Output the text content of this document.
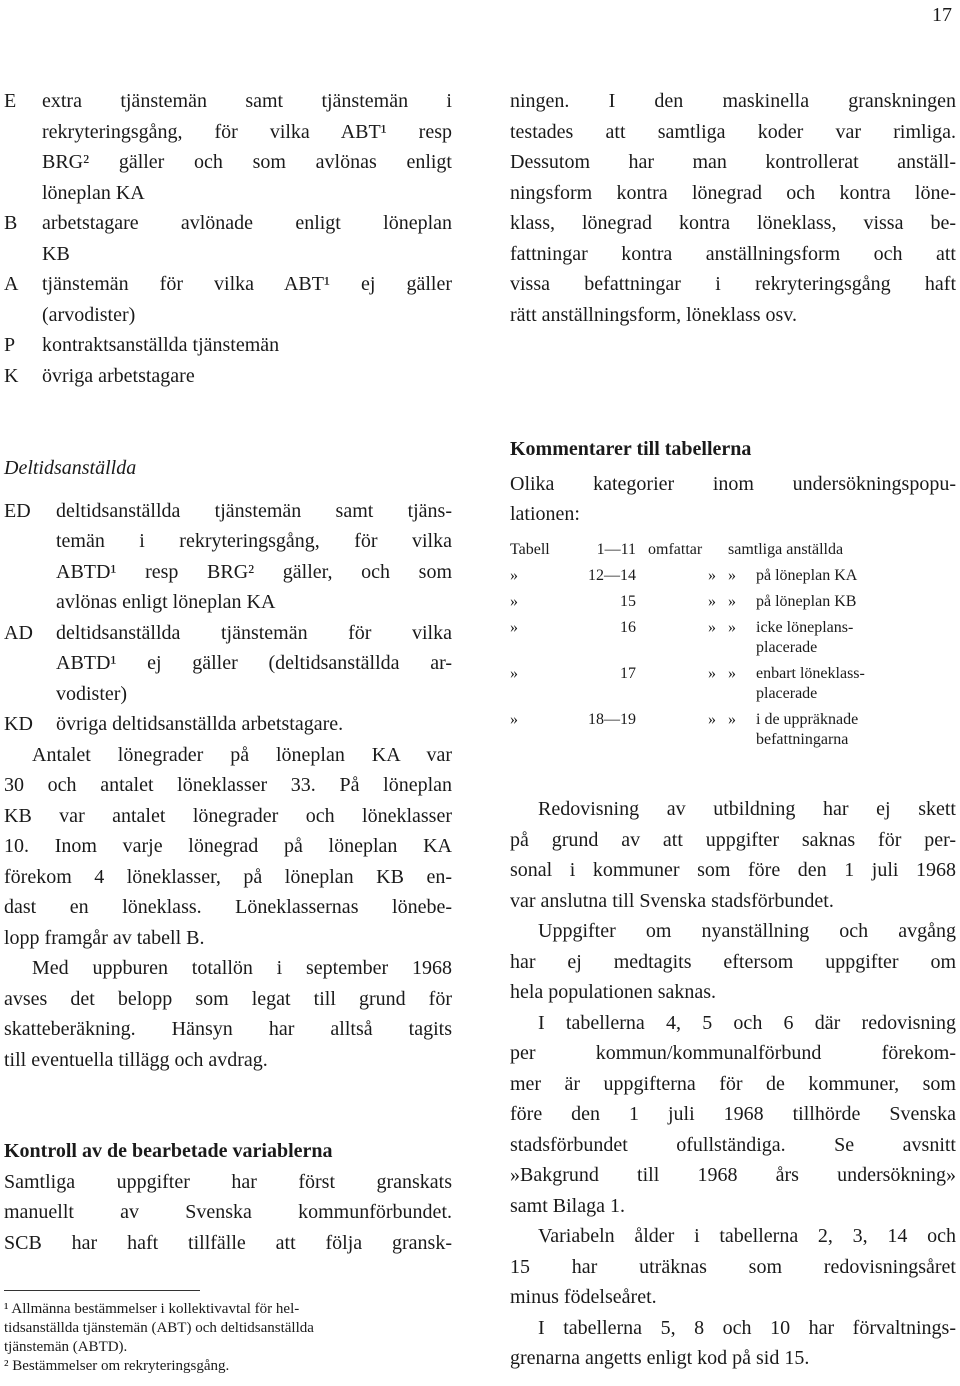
17
E	extra tjänstemän samt tjänstemän i
rekryteringsgång, för vilka ABT¹ resp
BRG² gäller och som avlönas enligt
löneplan KA
B	arbetstagare avlönade enligt löneplan
KB
A	tjänstemän för vilka ABT¹ ej gäller
(arvodister)
P	kontraktsanställda tjänstemän
K	övriga arbetstagare
Deltidsanställda
ED	deltidsanställda tjänstemän samt tjäns-
temän i rekryteringsgång, för vilka
ABTD¹ resp BRG² gäller, och som
avlönas enligt löneplan KA
AD	deltidsanställda tjänstemän för vilka
ABTD¹ ej gäller (deltidsanställda ar-
vodister)
KD	övriga deltidsanställda arbetstagare.
Antalet lönegrader på löneplan KA var
30 och antalet löneklasser 33. På löneplan
KB var antalet lönegrader och löneklasser
10. Inom varje lönegrad på löneplan KA
förekom 4 löneklasser, på löneplan KB en-
dast en löneklass. Löneklassernas lönebe-
lopp framgår av tabell B.
Med uppburen totallön i september 1968
avses det belopp som legat till grund för
skatteberäkning. Hänsyn har alltså tagits
till eventuella tillägg och avdrag.
Kontroll av de bearbetade variablerna
Samtliga uppgifter har först granskats
manuellt av Svenska kommunförbundet.
SCB har haft tillfälle att följa gransk-
¹ Allmänna bestämmelser i kollektivavtal för hel-
tidsanställda tjänstemän (ABT) och deltidsanställda
tjänstemän (ABTD).
² Bestämmelser om rekryteringsgång.
ningen. I den maskinella granskningen
testades att samtliga koder var rimliga.
Dessutom har man kontrollerat anställ-
ningsform kontra lönegrad och kontra löne-
klass, lönegrad kontra löneklass, vissa be-
fattningar kontra anställningsform och att
vissa befattningar i rekryteringsgång haft
rätt anställningsform, löneklass osv.
Kommentarer till tabellerna
Olika kategorier inom undersökningspopu-
lationen:
Tabell	1—11 omfattar	samtliga anställda
»	12—14	» »     på löneplan KA
»	15	» »     på löneplan KB
»	16	» »     icke löneplans-
placerade
»	17	» »     enbart löneklass-
placerade
»	18—19	» »     i de uppräknade
befattningarna
Redovisning av utbildning har ej skett
på grund av att uppgifter saknas för per-
sonal i kommuner som före den 1 juli 1968
var anslutna till Svenska stadsförbundet.
Uppgifter om nyanställning och avgång
har ej medtagits eftersom uppgifter om
hela populationen saknas.
I tabellerna 4, 5 och 6 där redovisning
per kommun/kommunalförbund förekom-
mer är uppgifterna för de kommuner, som
före den 1 juli 1968 tillhörde Svenska
stadsförbundet ofullständiga. Se avsnitt
»Bakgrund till 1968 års undersökning»
samt Bilaga 1.
Variabeln ålder i tabellerna 2, 3, 14 och
15 har uträknas som redovisningsåret
minus födelseåret.
I tabellerna 5, 8 och 10 har förvaltnings-
grenarna angetts enligt kod på sid 15.
